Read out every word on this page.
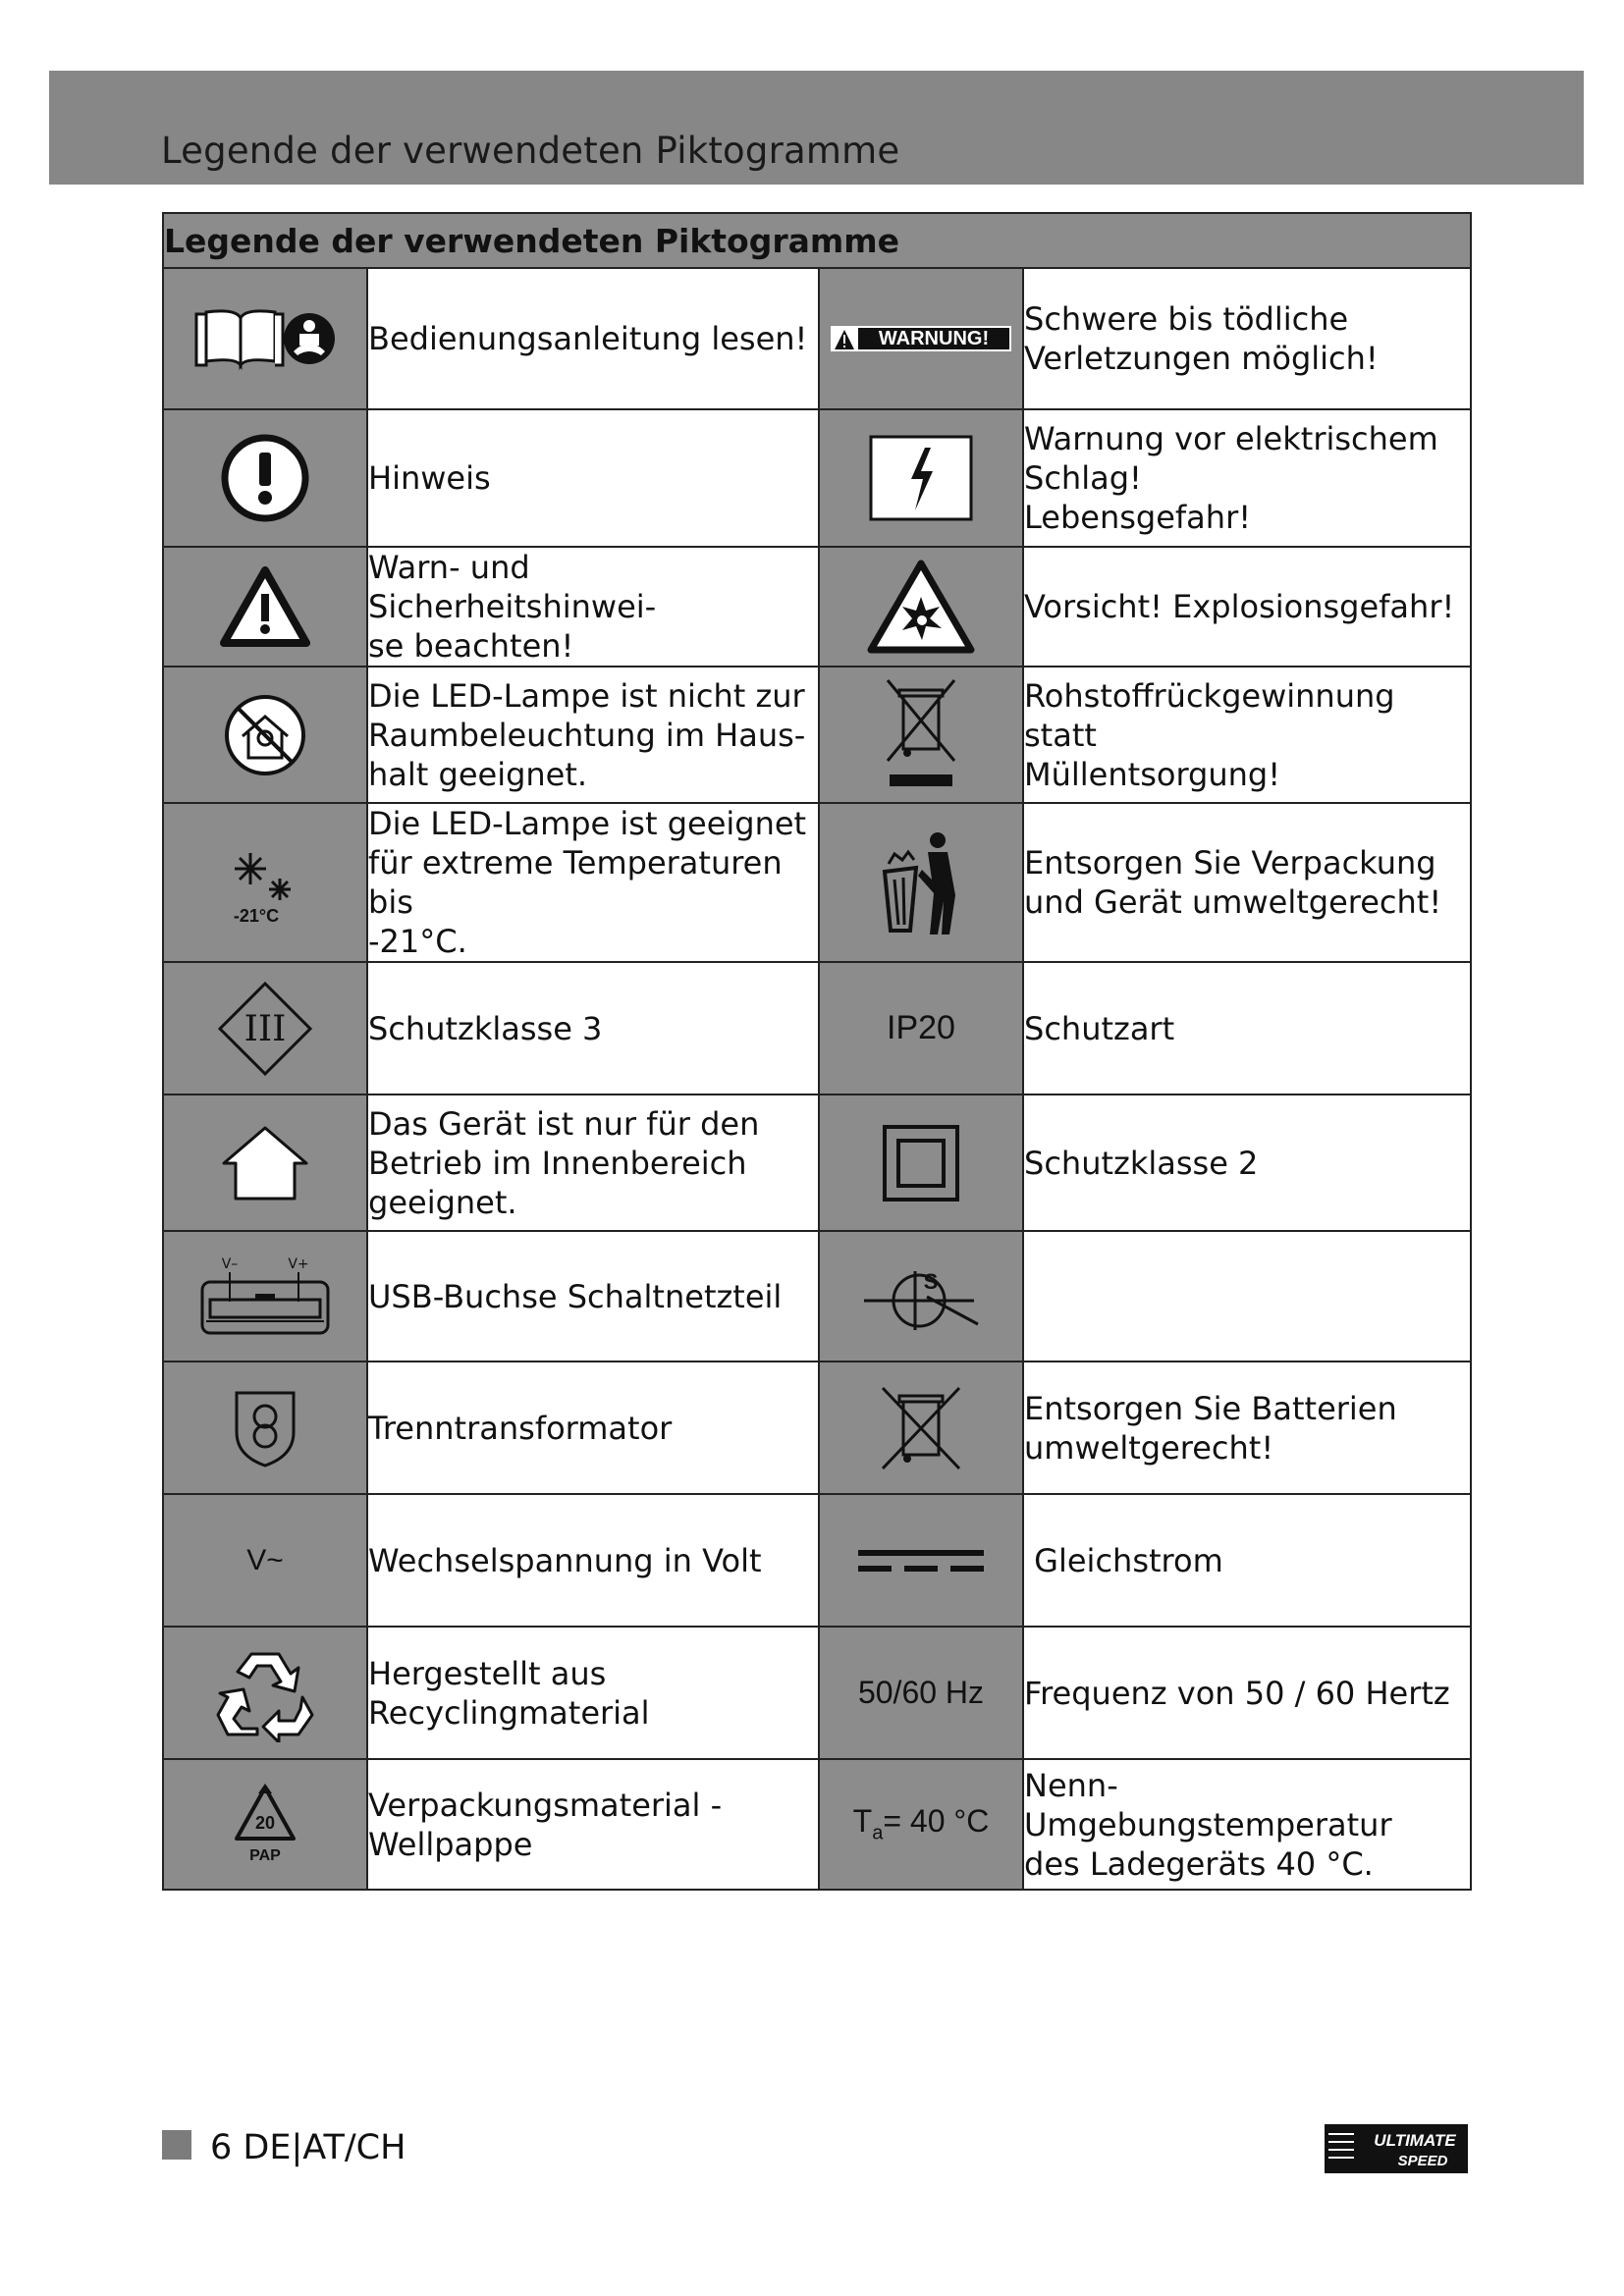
Legende der verwendeten Piktogramme
Legende der verwendeten Piktogramme			
	Bedienungsanleitung lesen!	WARNUNG!	Schwere bis tödliche
Verletzungen möglich!
	Hinweis		Warnung vor elektrischem
Schlag!
Lebensgefahr!
	Warn- und Sicherheitshinwei-
se beachten!		Vorsicht! Explosionsgefahr!
	Die LED-Lampe ist nicht zur
Raumbeleuchtung im Haus-
halt geeignet.		Rohstoffrückgewinnung statt
Müllentsorgung!

-21°C	Die LED-Lampe ist geeignet
für extreme Temperaturen bis
-21°C.		Entsorgen Sie Verpackung
und Gerät umweltgerecht!

III	Schutzklasse 3	IP20	Schutzart
	Das Gerät ist nur für den
Betrieb im Innenbereich
geeignet.		Schutzklasse 2

V– V+	USB-Buchse Schaltnetzteil	S	

	Trenntransformator		Entsorgen Sie Batterien
umweltgerecht!
V~	Wechselspannung in Volt		Gleichstrom
	Hergestellt aus
Recyclingmaterial	50/60 Hz	Frequenz von 50 / 60 Hertz

20
PAP	Verpackungsmaterial -
Wellpappe	$T_a= 40$ °C	Nenn-Umgebungstemperatur
des Ladegeräts 40 °C.
6 DE|AT/CH	ULTIMATE
SPEED
